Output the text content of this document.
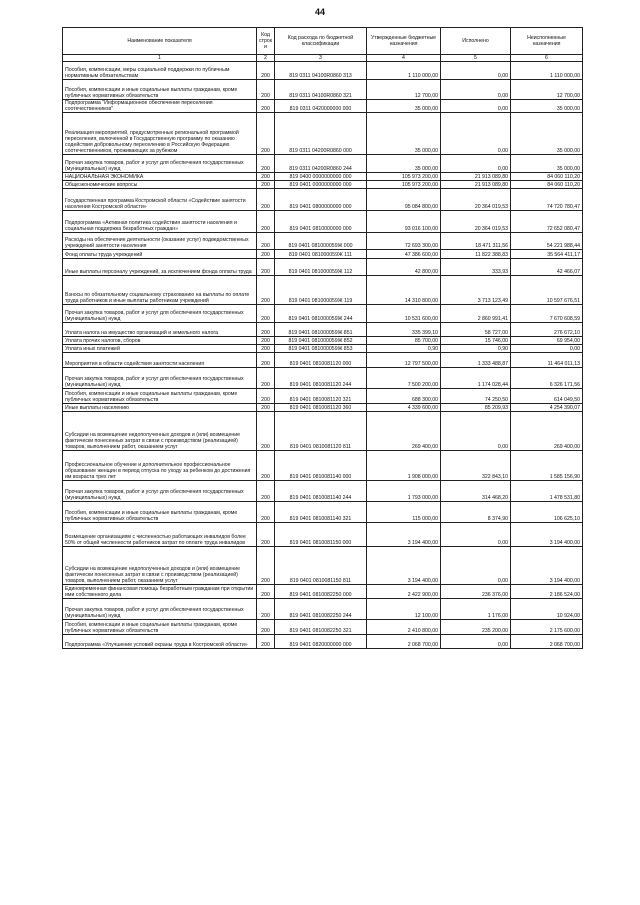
44
Наименование показателя	Код строк и	Код расхода по бюджетной классификации	Утвержденные бюджетные назначения	Исполнено	Неисполненные назначения
1	2	3	4	5	6
Пособия, компенсации, меры социальной поддержки по публичным нормативным обязательствам	200	819 0311 04100R0860 313	1 110 000,00	0,00	1 110 000,00
Пособия, компенсации и иные социальные выплаты гражданам, кроме публичных нормативных обязательств	200	819 0311 04100R0860 321	12 700,00	0,00	12 700,00
Подпрограмма "Информационное обеспечение переселения соотечественников"	200	819 0311 0420000000 000	35 000,00	0,00	35 000,00
Реализация мероприятий, предусмотренных региональной программой переселения, включенной в Государственную программу по оказанию содействия добровольному переселению в Российскую Федерацию соотечественников, проживающих за рубежом	200	819 0311 04200R0860 000	35 000,00	0,00	35 000,00
Прочая закупка товаров, работ и услуг для обеспечения государственных (муниципальных) нужд	200	819 0311 04200R0860 244	35 000,00	0,00	35 000,00
НАЦИОНАЛЬНАЯ ЭКОНОМИКА	200	819 0400 0000000000 000	105 973 200,00	21 913 089,80	84 060 110,20
Общеэкономические вопросы	200	819 0401 0000000000 000	105 973 200,00	21 913 089,80	84 060 110,20
Государственная программа Костромской области «Содействие занятости населения Костромской области»	200	819 0401 0800000000 000	95 084 800,00	20 364 019,53	74 720 780,47
Подпрограмма «Активная политика содействия занятости населения и социальная поддержка безработных граждан»	200	819 0401 0810000000 000	93 016 100,00	20 364 019,53	72 652 080,47
Расходы на обеспечение деятельности (оказание услуг) подведомственных учреждений занятости населения	200	819 0401 081000059Ж 000	72 693 300,00	18 471 311,56	54 221 988,44
Фонд оплаты труда учреждений	200	819 0401 081000059Ж 111	47 386 600,00	11 822 388,83	35 564 411,17
Иные выплаты персоналу учреждений, за исключением фонда оплаты труда	200	819 0401 081000059Ж 112	42 800,00	333,93	42 466,07
Взносы по обязательному социальному страхованию на выплаты по оплате труда работников и иные выплаты работникам учреждений	200	819 0401 081000059Ж 119	14 310 800,00	3 713 123,49	10 597 676,51
Прочая закупка товаров, работ и услуг для обеспечения государственных (муниципальных) нужд	200	819 0401 081000059Ж 244	10 531 600,00	2 860 991,41	7 670 608,59
Уплата налога на имущество организаций и земельного налога	200	819 0401 081000059Ж 851	335 399,10	58 727,00	276 672,10
Уплата прочих налогов, сборов	200	819 0401 081000059Ж 852	85 700,00	15 746,00	69 954,00
Уплата иных платежей	200	819 0401 081000059Ж 853	0,90	0,90	0,00
Мероприятия в области содействия занятости населения	200	819 0401 0810081120 000	12 797 500,00	1 333 488,87	11 464 011,13
Прочая закупка товаров, работ и услуг для обеспечения государственных (муниципальных) нужд	200	819 0401 0810081120 244	7 500 200,00	1 174 028,44	6 326 171,56
Пособия, компенсации и иные социальные выплаты гражданам, кроме публичных нормативных обязательств	200	819 0401 0810081120 321	688 300,00	74 250,50	614 049,50
Иные выплаты населению	200	819 0401 0810081120 360	4 339 600,00	85 209,93	4 254 390,07
Субсидии на возмещение недополученных доходов и (или) возмещение фактически понесенных затрат в связи с производством (реализацией) товаров, выполнением работ, оказанием услуг	200	819 0401 0810081120 811	269 400,00	0,00	269 400,00
Профессиональное обучение и дополнительное профессиональное образование женщин в период отпуска по уходу за ребенком до достижения им возраста трех лет	200	819 0401 0810081140 000	1 908 000,00	322 843,10	1 585 156,90
Прочая закупка товаров, работ и услуг для обеспечения государственных (муниципальных) нужд	200	819 0401 0810081140 244	1 793 000,00	314 468,20	1 478 531,80
Пособия, компенсации и иные социальные выплаты гражданам, кроме публичных нормативных обязательств	200	819 0401 0810081140 321	115 000,00	8 374,90	106 625,10
Возмещение организациям с численностью работающих инвалидов более 50% от общей численности работников затрат по оплате труда инвалидов	200	819 0401 0810081150 000	3 194 400,00	0,00	3 194 400,00
Субсидии на возмещение недополученных доходов и (или) возмещение фактически понесенных затрат в связи с производством (реализацией) товаров, выполнением работ, оказанием услуг	200	819 0401 0810081150 811	3 194 400,00	0,00	3 194 400,00
Единовременная финансовая помощь безработным гражданам при открытии ими собственного дела	200	819 0401 0810082250 000	2 422 900,00	236 376,00	2 186 524,00
Прочая закупка товаров, работ и услуг для обеспечения государственных (муниципальных) нужд	200	819 0401 0810082250 244	12 100,00	1 176,00	10 924,00
Пособия, компенсации и иные социальные выплаты гражданам, кроме публичных нормативных обязательств	200	819 0401 0810082250 321	2 410 800,00	235 200,00	2 175 600,00
Подпрограмма «Улучшение условий охраны труда в Костромской области»	200	819 0401 0820000000 000	2 068 700,00	0,00	2 068 700,00
